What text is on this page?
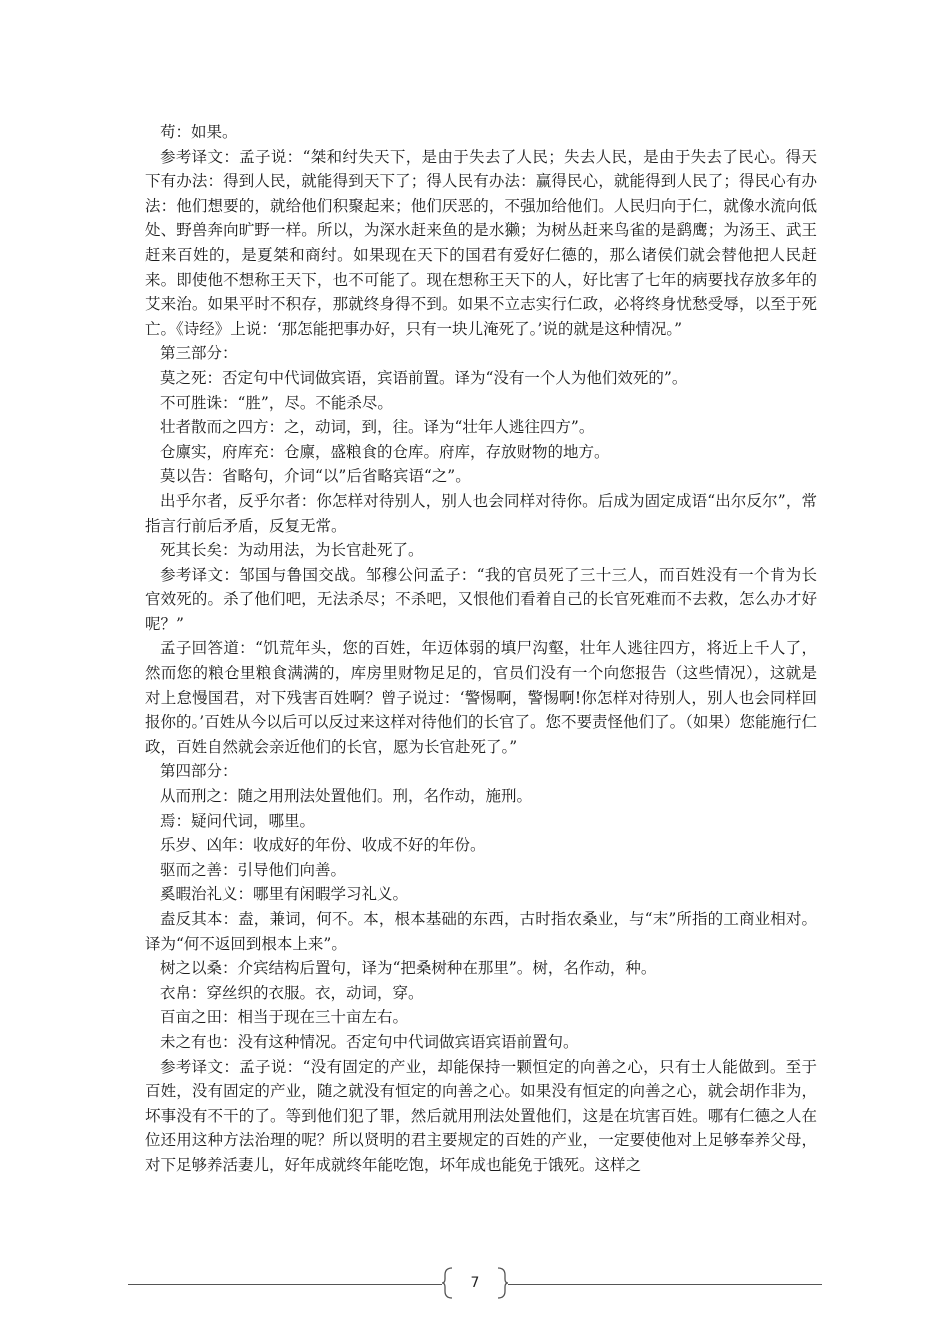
苟：如果。

参考译文：孟子说：“桀和纣失天下，是由于失去了人民；失去人民，是由于失去了民心。得天下有办法：得到人民，就能得到天下了；得人民有办法：赢得民心，就能得到人民了；得民心有办法：他们想要的，就给他们积聚起来；他们厌恶的，不强加给他们。人民归向于仁，就像水流向低处、野兽奔向旷野一样。所以，为深水赶来鱼的是水獭；为树丛赶来鸟雀的是鹞鹰；为汤王、武王赶来百姓的，是夏桀和商纣。如果现在天下的国君有爱好仁德的，那么诸侯们就会替他把人民赶来。即使他不想称王天下，也不可能了。现在想称王天下的人，好比害了七年的病要找存放多年的艾来治。如果平时不积存，那就终身得不到。如果不立志实行仁政，必将终身忧愁受辱，以至于死亡。《诗经》上说：‘那怎能把事办好，只有一块儿淹死了。’说的就是这种情况。”

第三部分：

莫之死：否定句中代词做宾语，宾语前置。译为“没有一个人为他们效死的”。

不可胜诛：“胜”，尽。不能杀尽。

壮者散而之四方：之，动词，到，往。译为“壮年人逃往四方”。

仓廪实，府库充：仓廪，盛粮食的仓库。府库，存放财物的地方。

莫以告：省略句，介词“以”后省略宾语“之”。

出乎尔者，反乎尔者：你怎样对待别人，别人也会同样对待你。后成为固定成语“出尔反尔”，常指言行前后矛盾，反复无常。

死其长矣：为动用法，为长官赴死了。

参考译文：邹国与鲁国交战。邹穆公问孟子：“我的官员死了三十三人，而百姓没有一个肯为长官效死的。杀了他们吧，无法杀尽；不杀吧，又恨他们看着自己的长官死难而不去救，怎么办才好呢？”

孟子回答道：“饥荒年头，您的百姓，年迈体弱的填尸沟壑，壮年人逃往四方，将近上千人了，然而您的粮仓里粮食满满的，库房里财物足足的，官员们没有一个向您报告（这些情况），这就是对上怠慢国君，对下残害百姓啊？曾子说过：‘警惕啊，警惕啊!你怎样对待别人，别人也会同样回报你的。’百姓从今以后可以反过来这样对待他们的长官了。您不要责怪他们了。（如果）您能施行仁政，百姓自然就会亲近他们的长官，愿为长官赴死了。”

第四部分：

从而刑之：随之用刑法处置他们。刑，名作动，施刑。

焉：疑问代词，哪里。

乐岁、凶年：收成好的年份、收成不好的年份。

驱而之善：引导他们向善。

奚暇治礼义：哪里有闲暇学习礼义。

盍反其本：盍，兼词，何不。本，根本基础的东西，古时指农桑业，与“末”所指的工商业相对。译为“何不返回到根本上来”。

树之以桑：介宾结构后置句，译为“把桑树种在那里”。树，名作动，种。

衣帛：穿丝织的衣服。衣，动词，穿。

百亩之田：相当于现在三十亩左右。

未之有也：没有这种情况。否定句中代词做宾语宾语前置句。

参考译文：孟子说：“没有固定的产业，却能保持一颗恒定的向善之心，只有士人能做到。至于百姓，没有固定的产业，随之就没有恒定的向善之心。如果没有恒定的向善之心，就会胡作非为，坏事没有不干的了。等到他们犯了罪，然后就用刑法处置他们，这是在坑害百姓。哪有仁德之人在位还用这种方法治理的呢？所以贤明的君主要规定的百姓的产业，一定要使他对上足够奉养父母，对下足够养活妻儿，好年成就终年能吃饱，坏年成也能免于饿死。这样之

7
